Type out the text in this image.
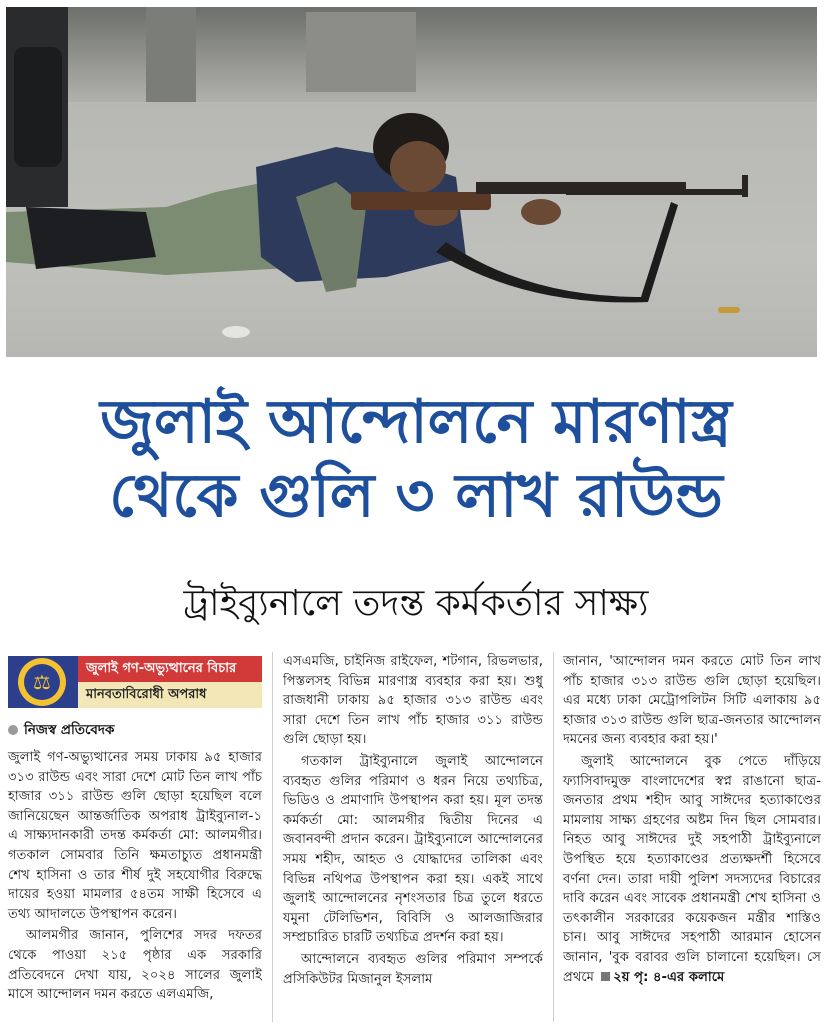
জুলাই আন্দোলনে মারণাস্ত্র
থেকে গুলি ৩ লাখ রাউন্ড
ট্রাইব্যুনালে তদন্ত কর্মকর্তার সাক্ষ্য
⚖
জুলাই গণ-অভ্যুত্থানের বিচার
মানবতাবিরোধী অপরাধ
নিজস্ব প্রতিবেদক

জুলাই গণ-অভ্যুত্থানের সময় ঢাকায় ৯৫ হাজার ৩১৩ রাউন্ড এবং সারা দেশে মোট তিন লাখ পাঁচ হাজার ৩১১ রাউন্ড গুলি ছোড়া হয়েছিল বলে জানিয়েছেন আন্তর্জাতিক অপরাধ ট্রাইব্যুনাল-১ এ সাক্ষ্যদানকারী তদন্ত কর্মকর্তা মো: আলমগীর। গতকাল সোমবার তিনি ক্ষমতাচ্যুত প্রধানমন্ত্রী শেখ হাসিনা ও তার শীর্ষ দুই সহযোগীর বিরুদ্ধে দায়ের হওয়া মামলার ৫৪তম সাক্ষী হিসেবে এ তথ্য আদালতে উপস্থাপন করেন।

আলমগীর জানান, পুলিশের সদর দফতর থেকে পাওয়া ২১৫ পৃষ্ঠার এক সরকারি প্রতিবেদনে দেখা যায়, ২০২৪ সালের জুলাই মাসে আন্দোলন দমন করতে এলএমজি,

এসএমজি, চাইনিজ রাইফেল, শটগান, রিভলভার, পিস্তলসহ বিভিন্ন মারণাস্ত্র ব্যবহার করা হয়। শুধু রাজধানী ঢাকায় ৯৫ হাজার ৩১৩ রাউন্ড এবং সারা দেশে তিন লাখ পাঁচ হাজার ৩১১ রাউন্ড গুলি ছোড়া হয়।

গতকাল ট্রাইব্যুনালে জুলাই আন্দোলনে ব্যবহৃত গুলির পরিমাণ ও ধরন নিয়ে তথ্যচিত্র, ভিডিও ও প্রমাণাদি উপস্থাপন করা হয়। মূল তদন্ত কর্মকর্তা মো: আলমগীর দ্বিতীয় দিনের এ জবানবন্দী প্রদান করেন। ট্রাইব্যুনালে আন্দোলনের সময় শহীদ, আহত ও যোদ্ধাদের তালিকা এবং বিভিন্ন নথিপত্র উপস্থাপন করা হয়। একই সাথে জুলাই আন্দোলনের নৃশংসতার চিত্র তুলে ধরতে যমুনা টেলিভিশন, বিবিসি ও আলজাজিরার সম্প্রচারিত চারটি তথ্যচিত্র প্রদর্শন করা হয়।

আন্দোলনে ব্যবহৃত গুলির পরিমাণ সম্পর্কে প্রসিকিউটর মিজানুল ইসলাম

জানান, 'আন্দোলন দমন করতে মোট তিন লাখ পাঁচ হাজার ৩১৩ রাউন্ড গুলি ছোড়া হয়েছিল। এর মধ্যে ঢাকা মেট্রোপলিটন সিটি এলাকায় ৯৫ হাজার ৩১৩ রাউন্ড গুলি ছাত্র-জনতার আন্দোলন দমনের জন্য ব্যবহার করা হয়।'

জুলাই আন্দোলনে বুক পেতে দাঁড়িয়ে ফ্যাসিবাদমুক্ত বাংলাদেশের স্বপ্ন রাঙানো ছাত্র-জনতার প্রথম শহীদ আবু সাঈদের হত্যাকাণ্ডের মামলায় সাক্ষ্য গ্রহণের অষ্টম দিন ছিল সোমবার। নিহত আবু সাঈদের দুই সহপাঠী ট্রাইব্যুনালে উপস্থিত হয়ে হত্যাকাণ্ডের প্রত্যক্ষদর্শী হিসেবে বর্ণনা দেন। তারা দায়ী পুলিশ সদস্যদের বিচারের দাবি করেন এবং সাবেক প্রধানমন্ত্রী শেখ হাসিনা ও তৎকালীন সরকারের কয়েকজন মন্ত্রীর শাস্তিও চান। আবু সাঈদের সহপাঠী আরমান হোসেন জানান, 'বুক বরাবর গুলি চালানো হয়েছিল। সে প্রথমে ২য় পৃ: ৪-এর কলামে
